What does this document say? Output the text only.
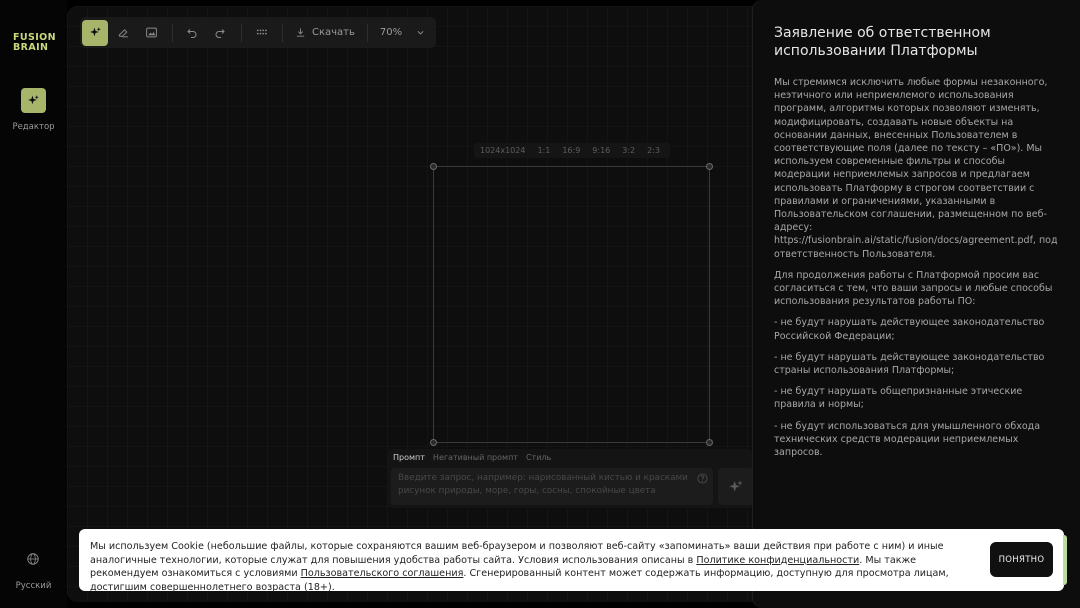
FUSION
BRAIN
Редактор
Русский
Скачать	70%
1024x1024	1:1	16:9	9:16	3:2	2:3
Промпт Негативный промпт Стиль
Введите запрос, например: нарисованный кистью и красками
рисунок природы, море, горы, сосны, спокойные цвета
Заявление об ответственном использовании Платформы

Мы стремимся исключить любые формы незаконного, неэтичного или неприемлемого использования программ, алгоритмы которых позволяют изменять, модифицировать, создавать новые объекты на основании данных, внесенных Пользователем в соответствующие поля (далее по тексту – «ПО»). Мы используем современные фильтры и способы модерации неприемлемых запросов и предлагаем использовать Платформу в строгом соответствии с правилами и ограничениями, указанными в Пользовательском соглашении, размещенном по веб-адресу: https://fusionbrain.ai/static/fusion/docs/agreement.pdf, под ответственность Пользователя.

Для продолжения работы с Платформой просим вас согласиться с тем, что ваши запросы и любые способы использования результатов работы ПО:

- не будут нарушать действующее законодательство Российской Федерации;

- не будут нарушать действующее законодательство страны использования Платформы;

- не будут нарушать общепризнанные этические правила и нормы;

- не будут использоваться для умышленного обхода технических средств модерации неприемлемых запросов.

Мы используем Cookie (небольшие файлы, которые сохраняются вашим веб-браузером и позволяют веб-сайту «запоминать» ваши действия при работе с ним) и иные аналогичные технологии, которые служат для повышения удобства работы сайта. Условия использования описаны в Политике конфиденциальности. Мы также рекомендуем ознакомиться с условиями Пользовательского соглашения. Сгенерированный контент может содержать информацию, доступную для просмотра лицам, достигшим совершеннолетнего возраста (18+).

ПОНЯТНО
